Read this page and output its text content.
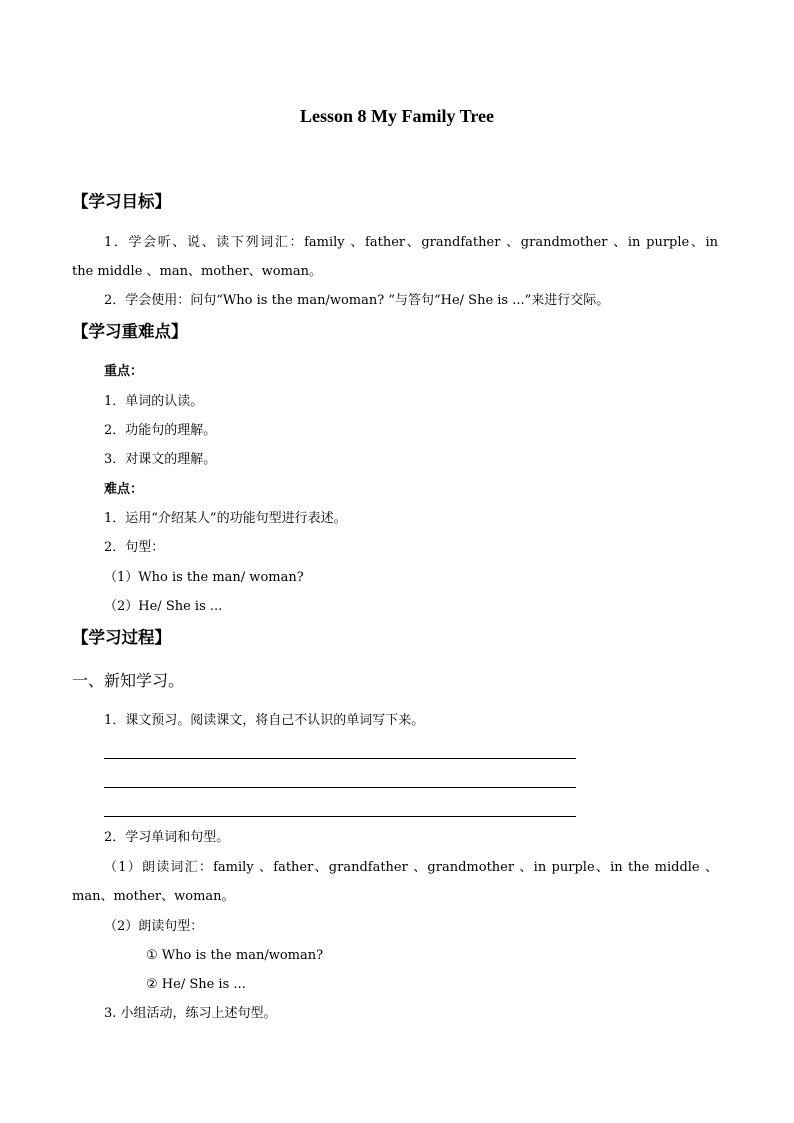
Lesson 8 My Family Tree
【学习目标】
1．学会听、说、读下列词汇：family 、father、grandfather 、grandmother 、in purple、in
the middle 、man、mother、woman。
2．学会使用：问句“Who is the man/woman? ”与答句“He/ She is ...”来进行交际。
【学习重难点】
重点：
1．单词的认读。
2．功能句的理解。
3．对课文的理解。
难点：
1．运用“介绍某人”的功能句型进行表述。
2．句型：
（1）Who is the man/ woman?
（2）He/ She is ...
【学习过程】
一、新知学习。
1．课文预习。阅读课文，将自己不认识的单词写下来。
2．学习单词和句型。
（1）朗读词汇：family 、father、grandfather 、grandmother 、in purple、in the middle 、
man、mother、woman。
（2）朗读句型：
① Who is the man/woman?
② He/ She is ...
3. 小组活动，练习上述句型。
